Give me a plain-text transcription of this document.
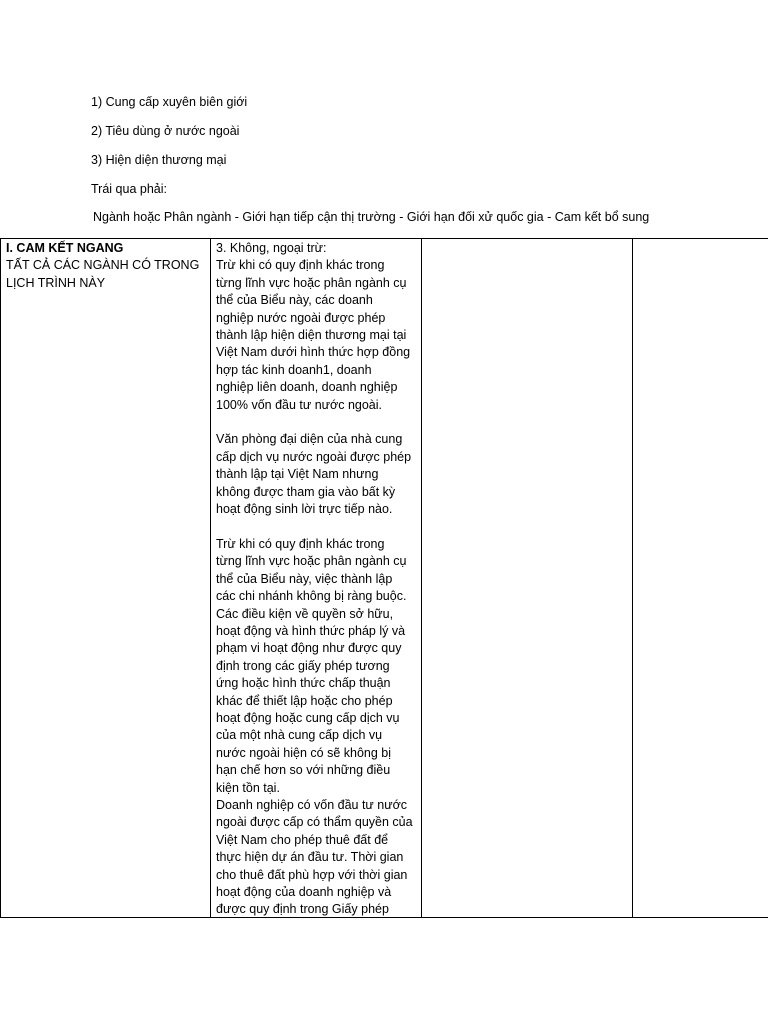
1) Cung cấp xuyên biên giới
2) Tiêu dùng ở nước ngoài
3) Hiện diện thương mại
Trái qua phải:
Ngành hoặc Phân ngành - Giới hạn tiếp cận thị trường - Giới hạn đối xử quốc gia - Cam kết bổ sung
I. CAM KẾT NGANG
TẤT CẢ CÁC NGÀNH CÓ TRONG
LỊCH TRÌNH NÀY
3. Không, ngoại trừ:
Trừ khi có quy định khác trong
từng lĩnh vực hoặc phân ngành cụ
thể của Biểu này, các doanh
nghiệp nước ngoài được phép
thành lập hiện diện thương mại tại
Việt Nam dưới hình thức hợp đồng
hợp tác kinh doanh1, doanh
nghiệp liên doanh, doanh nghiệp
100% vốn đầu tư nước ngoài.
Văn phòng đại diện của nhà cung
cấp dịch vụ nước ngoài được phép
thành lập tại Việt Nam nhưng
không được tham gia vào bất kỳ
hoạt động sinh lời trực tiếp nào.
Trừ khi có quy định khác trong
từng lĩnh vực hoặc phân ngành cụ
thể của Biểu này, việc thành lập
các chi nhánh không bị ràng buộc.
Các điều kiện về quyền sở hữu,
hoạt động và hình thức pháp lý và
phạm vi hoạt động như được quy
định trong các giấy phép tương
ứng hoặc hình thức chấp thuận
khác để thiết lập hoặc cho phép
hoạt động hoặc cung cấp dịch vụ
của một nhà cung cấp dịch vụ
nước ngoài hiện có sẽ không bị
hạn chế hơn so với những điều
kiện tồn tại.
Doanh nghiệp có vốn đầu tư nước
ngoài được cấp có thẩm quyền của
Việt Nam cho phép thuê đất để
thực hiện dự án đầu tư. Thời gian
cho thuê đất phù hợp với thời gian
hoạt động của doanh nghiệp và
được quy định trong Giấy phép
